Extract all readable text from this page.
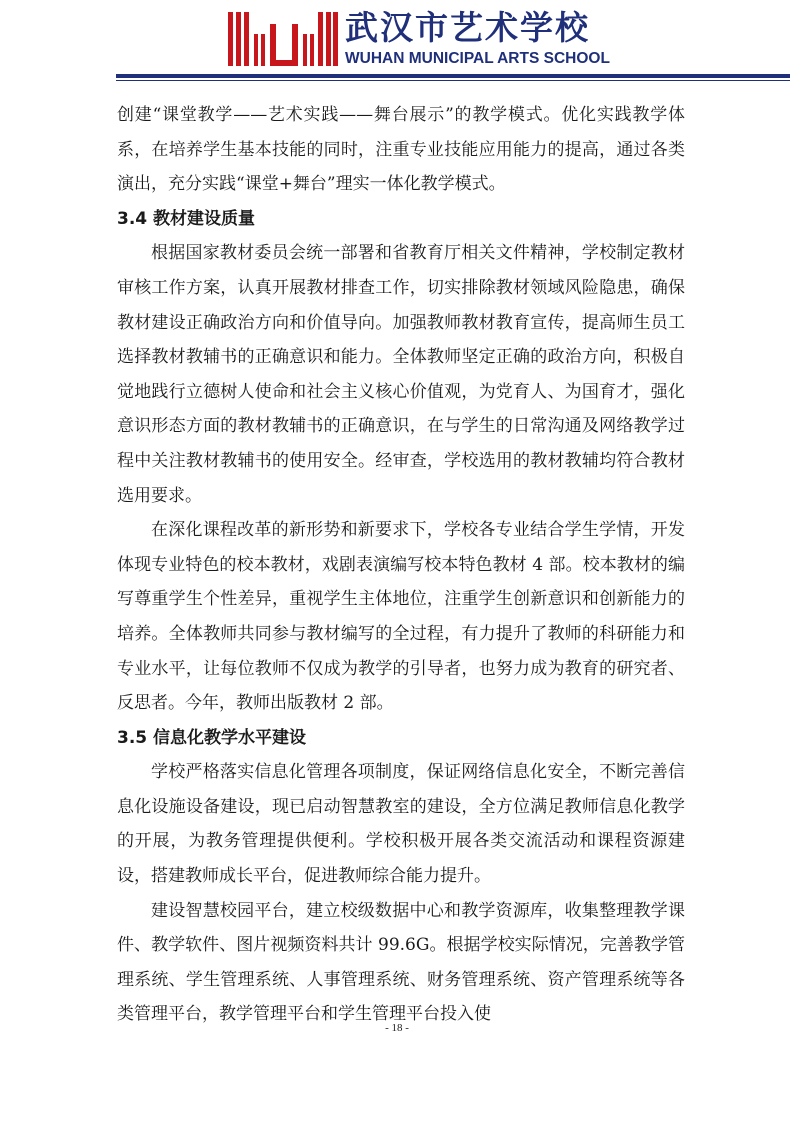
武汉市艺术学校
WUHAN MUNICIPAL ARTS SCHOOL

创建“课堂教学——艺术实践——舞台展示”的教学模式。优化实践教学体系，在培养学生基本技能的同时，注重专业技能应用能力的提高，通过各类演出，充分实践“课堂+舞台”理实一体化教学模式。

3.4 教材建设质量

根据国家教材委员会统一部署和省教育厅相关文件精神，学校制定教材审核工作方案，认真开展教材排查工作，切实排除教材领域风险隐患，确保教材建设正确政治方向和价值导向。加强教师教材教育宣传，提高师生员工选择教材教辅书的正确意识和能力。全体教师坚定正确的政治方向，积极自觉地践行立德树人使命和社会主义核心价值观，为党育人、为国育才，强化意识形态方面的教材教辅书的正确意识，在与学生的日常沟通及网络教学过程中关注教材教辅书的使用安全。经审查，学校选用的教材教辅均符合教材选用要求。

在深化课程改革的新形势和新要求下，学校各专业结合学生学情，开发体现专业特色的校本教材，戏剧表演编写校本特色教材 4 部。校本教材的编写尊重学生个性差异，重视学生主体地位，注重学生创新意识和创新能力的培养。全体教师共同参与教材编写的全过程，有力提升了教师的科研能力和专业水平，让每位教师不仅成为教学的引导者，也努力成为教育的研究者、反思者。今年，教师出版教材 2 部。

3.5 信息化教学水平建设

学校严格落实信息化管理各项制度，保证网络信息化安全，不断完善信息化设施设备建设，现已启动智慧教室的建设，全方位满足教师信息化教学的开展，为教务管理提供便利。学校积极开展各类交流活动和课程资源建设，搭建教师成长平台，促进教师综合能力提升。

建设智慧校园平台，建立校级数据中心和教学资源库，收集整理教学课件、教学软件、图片视频资料共计 99.6G。根据学校实际情况，完善教学管理系统、学生管理系统、人事管理系统、财务管理系统、资产管理系统等各类管理平台，教学管理平台和学生管理平台投入使

- 18 -
